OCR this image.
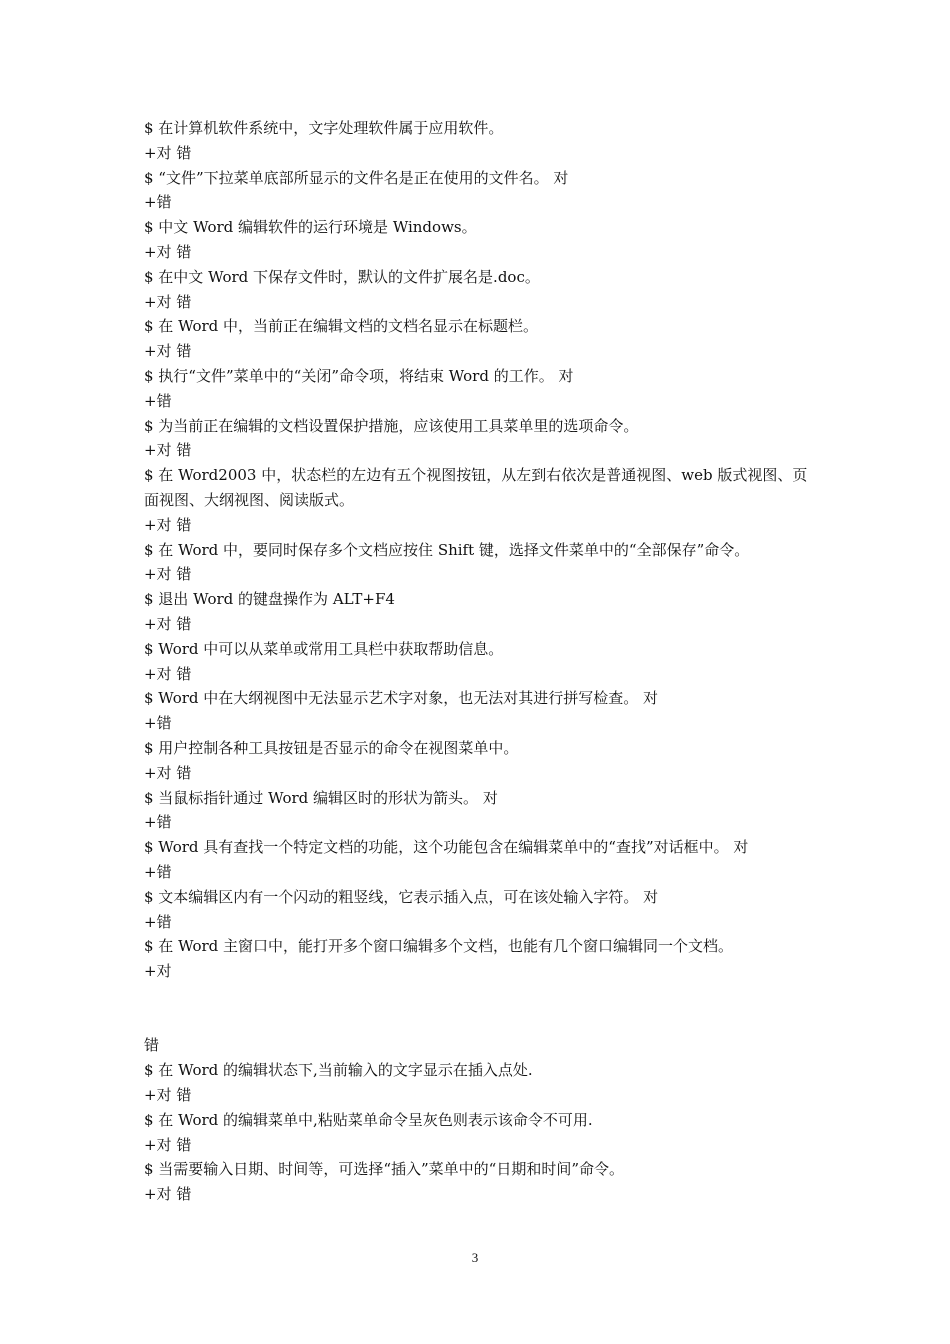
$ 在计算机软件系统中，文字处理软件属于应用软件。
+对 错
$ “文件”下拉菜单底部所显示的文件名是正在使用的文件名。 对
+错
$ 中文 Word 编辑软件的运行环境是 Windows。
+对 错
$ 在中文 Word 下保存文件时，默认的文件扩展名是.doc。
+对 错
$ 在 Word 中，当前正在编辑文档的文档名显示在标题栏。
+对 错
$ 执行“文件”菜单中的“关闭”命令项，将结束 Word 的工作。 对
+错
$ 为当前正在编辑的文档设置保护措施，应该使用工具菜单里的选项命令。
+对 错
$ 在 Word2003 中，状态栏的左边有五个视图按钮，从左到右依次是普通视图、web 版式视图、页面视图、大纲视图、阅读版式。
+对 错
$ 在 Word 中，要同时保存多个文档应按住 Shift 键，选择文件菜单中的“全部保存”命令。
+对 错
$ 退出 Word 的键盘操作为 ALT+F4
+对 错
$ Word 中可以从菜单或常用工具栏中获取帮助信息。
+对 错
$ Word 中在大纲视图中无法显示艺术字对象，也无法对其进行拼写检查。 对
+错
$ 用户控制各种工具按钮是否显示的命令在视图菜单中。
+对 错
$ 当鼠标指针通过 Word 编辑区时的形状为箭头。 对
+错
$ Word 具有查找一个特定文档的功能，这个功能包含在编辑菜单中的“查找”对话框中。 对
+错
$ 文本编辑区内有一个闪动的粗竖线，它表示插入点，可在该处输入字符。 对
+错
$ 在 Word 主窗口中，能打开多个窗口编辑多个文档，也能有几个窗口编辑同一个文档。
+对
错
$ 在 Word 的编辑状态下,当前输入的文字显示在插入点处.
+对 错
$ 在 Word 的编辑菜单中,粘贴菜单命令呈灰色则表示该命令不可用.
+对 错
$ 当需要输入日期、时间等，可选择“插入”菜单中的“日期和时间”命令。
+对 错
3
